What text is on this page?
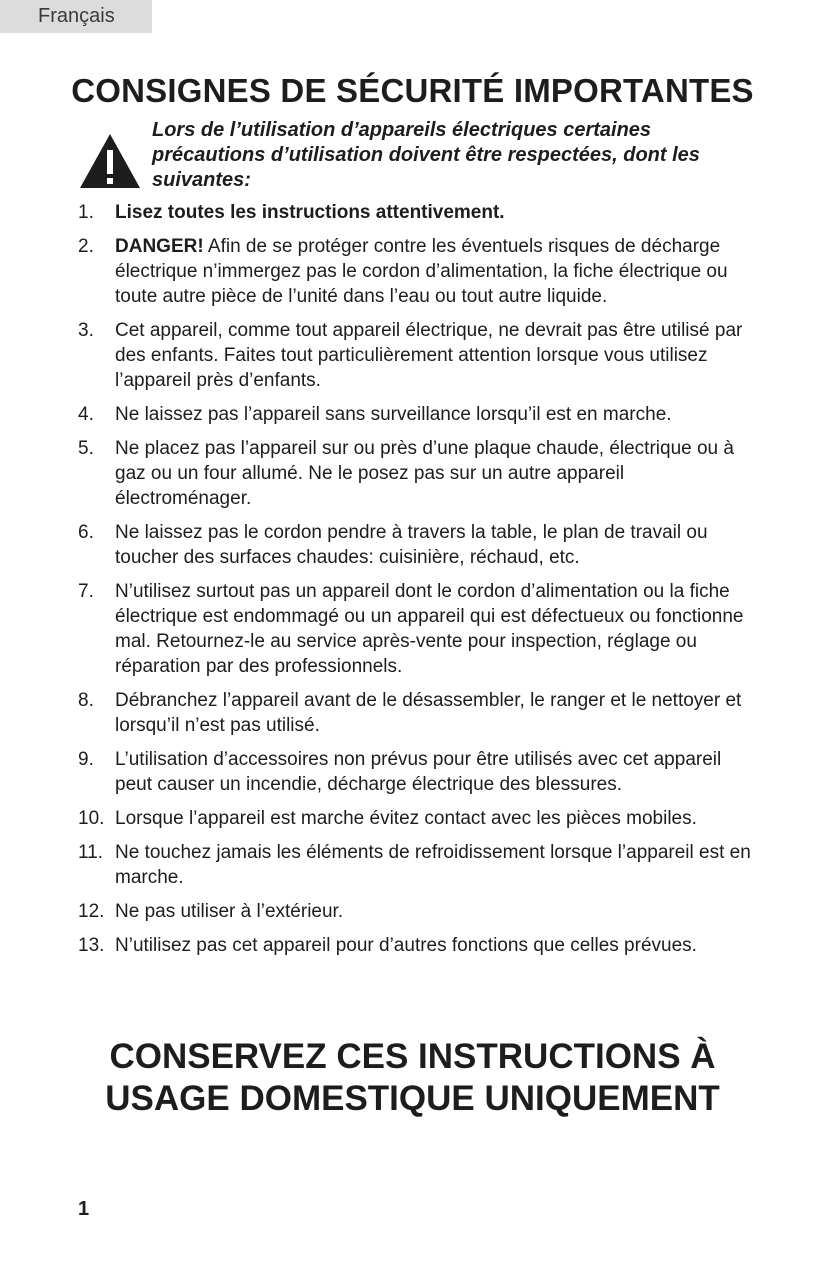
Français
CONSIGNES DE SÉCURITÉ IMPORTANTES

Lors de l’utilisation d’appareils électriques certaines précautions d’utilisation doivent être respectées, dont les suivantes:

1. Lisez toutes les instructions attentivement.
2. DANGER! Afin de se protéger contre les éventuels risques de décharge électrique n’immergez pas le cordon d’alimentation, la fiche électrique ou toute autre pièce de l’unité dans l’eau ou tout autre liquide.
3. Cet appareil, comme tout appareil électrique, ne devrait pas être utilisé par des enfants. Faites tout particulièrement attention lorsque vous utilisez l’appareil près d’enfants.
4. Ne laissez pas l’appareil sans surveillance lorsqu’il est en marche.
5. Ne placez pas l’appareil sur ou près d’une plaque chaude, électrique ou à gaz ou un four allumé. Ne le posez pas sur un autre appareil électroménager.
6. Ne laissez pas le cordon pendre à travers la table, le plan de travail ou toucher des surfaces chaudes: cuisinière, réchaud, etc.
7. N’utilisez surtout pas un appareil dont le cordon d’alimentation ou la fiche électrique est endommagé ou un appareil qui est défectueux ou fonctionne mal. Retournez-le au service après-vente pour inspection, réglage ou réparation par des professionnels.
8. Débranchez l’appareil avant de le désassembler, le ranger et le nettoyer et lorsqu’il n’est pas utilisé.
9. L’utilisation d’accessoires non prévus pour être utilisés avec cet appareil peut causer un incendie, décharge électrique des blessures.
10. Lorsque l’appareil est marche évitez contact avec les pièces mobiles.
11. Ne touchez jamais les éléments de refroidissement lorsque l’appareil est en marche.
12. Ne pas utiliser à l’extérieur.
13. N’utilisez pas cet appareil pour d’autres fonctions que celles prévues.
CONSERVEZ CES INSTRUCTIONS À
USAGE DOMESTIQUE UNIQUEMENT
1
